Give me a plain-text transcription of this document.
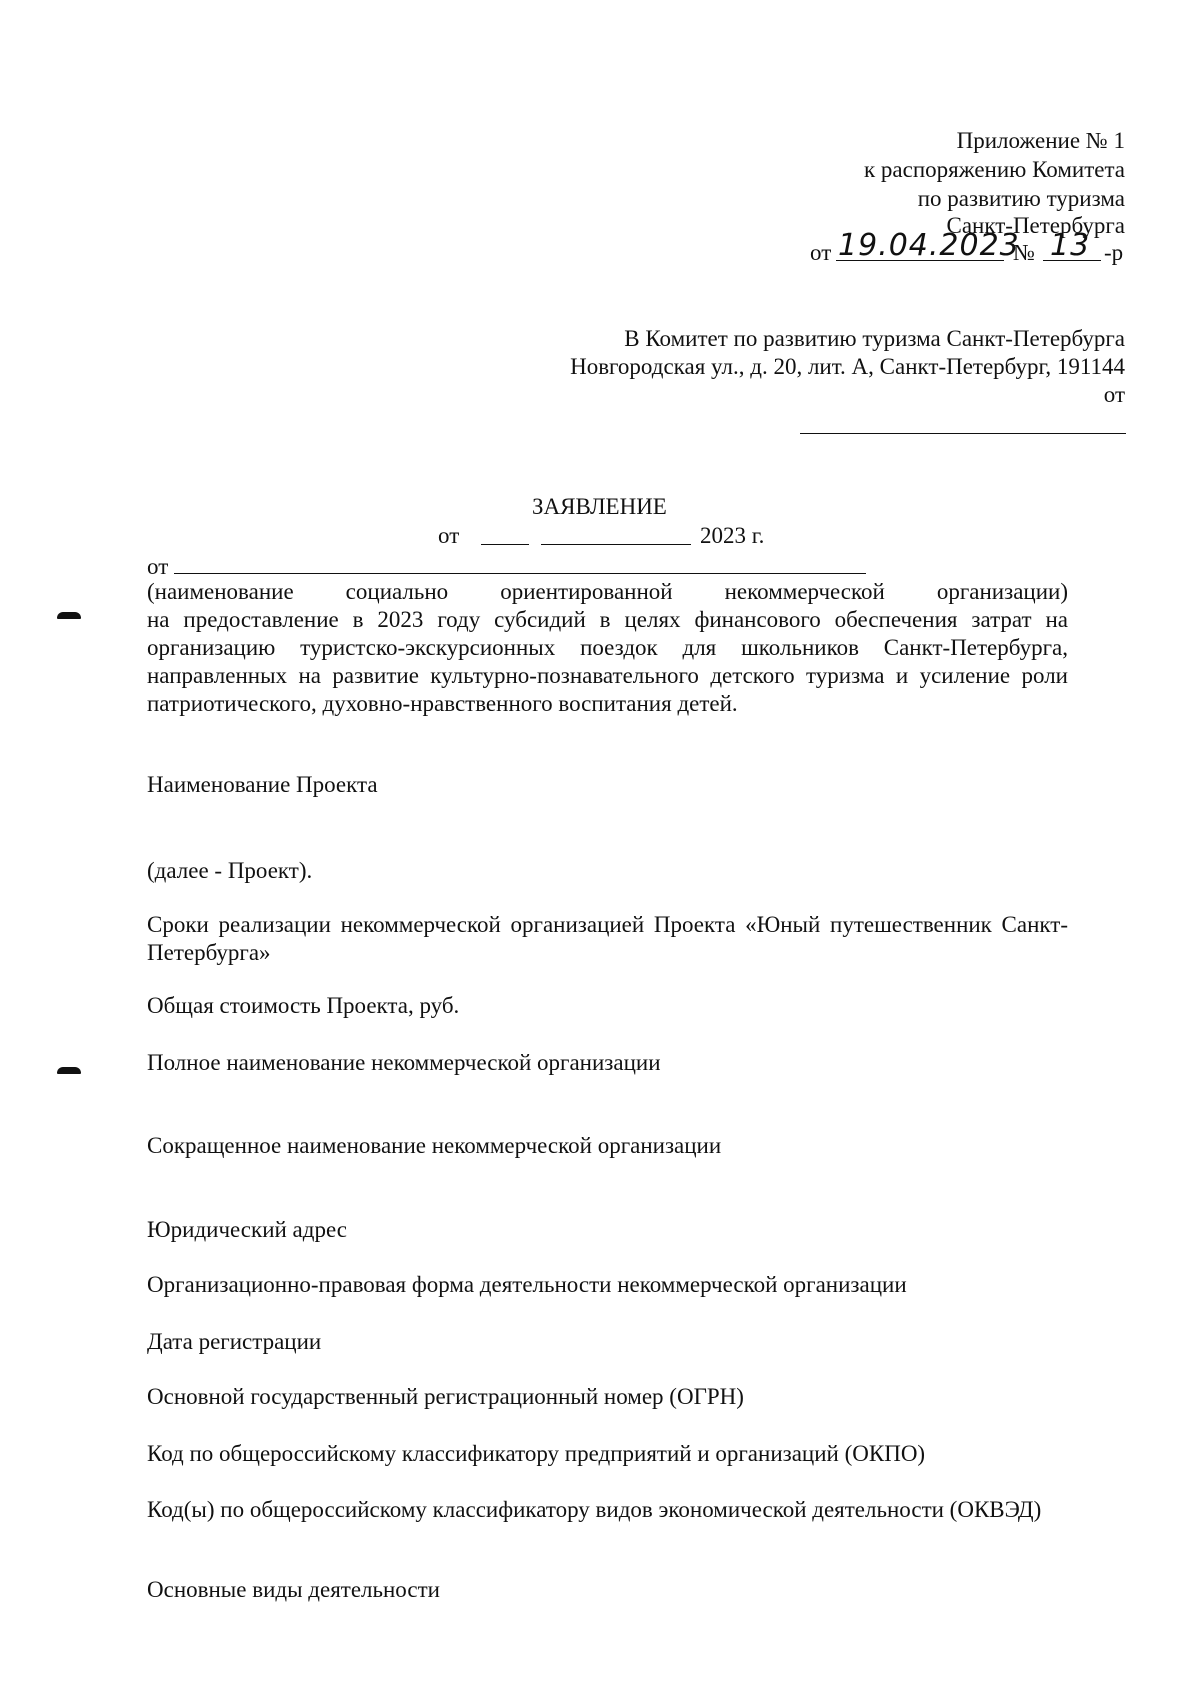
Приложение № 1
к распоряжению Комитета
по развитию туризма
Санкт-Петербурга
от 19.04.2023
№ 13 -р
В Комитет по развитию туризма Санкт-Петербурга
Новгородская ул., д. 20, лит. А, Санкт-Петербург, 191144
от
ЗАЯВЛЕНИЕ
от	2023 г.
от
(наименование социально ориентированной некоммерческой организации)
на предоставление в 2023 году субсидий в целях финансового обеспечения затрат на организацию туристско-экскурсионных поездок для школьников Санкт-Петербурга, направленных на развитие культурно-познавательного детского туризма и усиление роли патриотического, духовно-нравственного воспитания детей.
Наименование Проекта
(далее - Проект).
Сроки реализации некоммерческой организацией Проекта «Юный путешественник Санкт-Петербурга»
Общая стоимость Проекта, руб.
Полное наименование некоммерческой организации
Сокращенное наименование некоммерческой организации
Юридический адрес
Организационно-правовая форма деятельности некоммерческой организации
Дата регистрации
Основной государственный регистрационный номер (ОГРН)
Код по общероссийскому классификатору предприятий и организаций (ОКПО)
Код(ы) по общероссийскому классификатору видов экономической деятельности (ОКВЭД)
Основные виды деятельности
